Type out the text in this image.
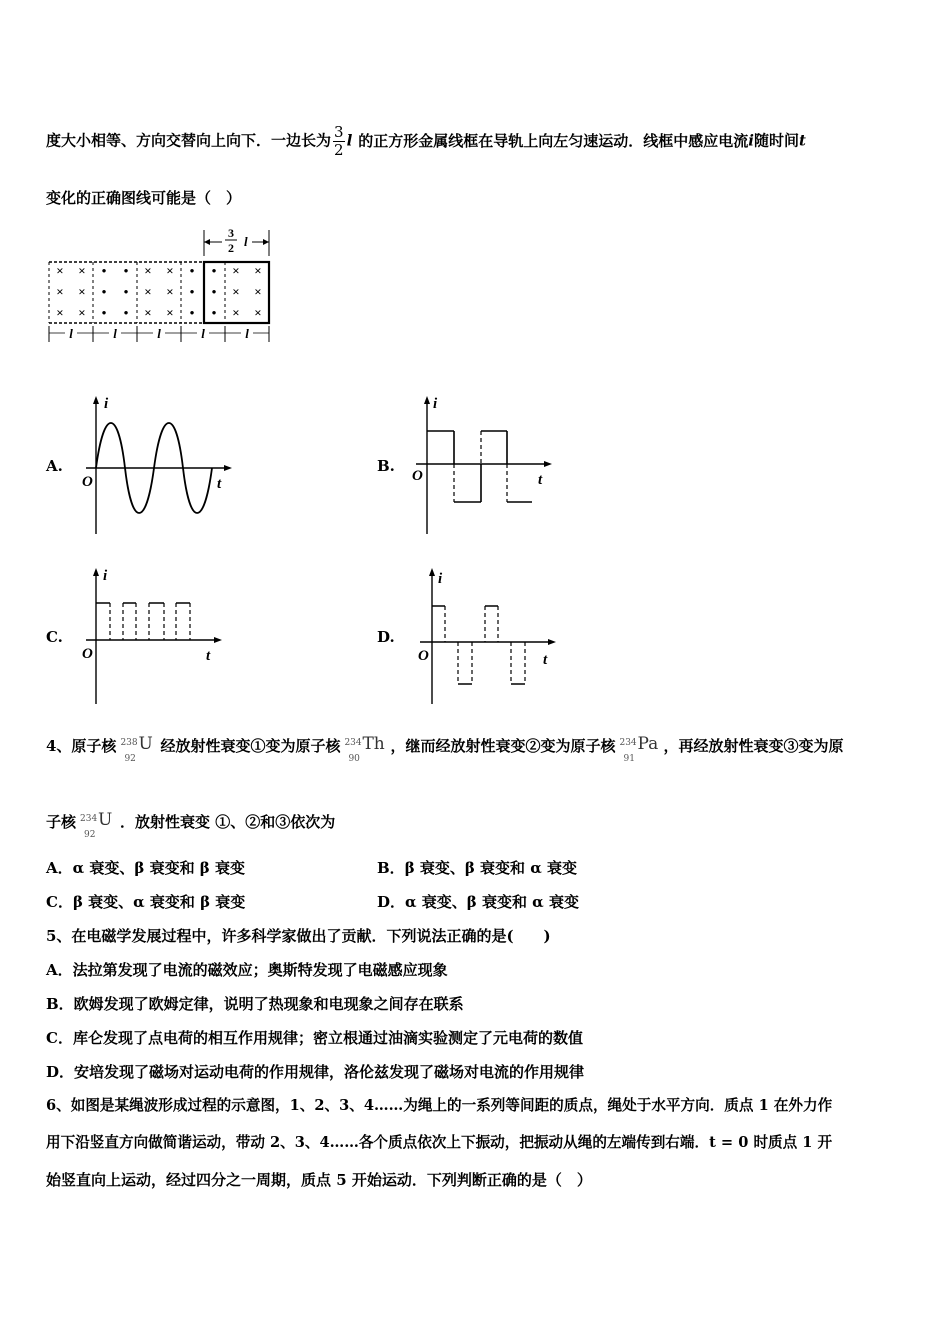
度大小相等、方向交替向上向下．一边长为 $\frac{3}{2}$ l 的正方形金属线框在导轨上向左匀速运动．线框中感应电流i随时间t
变化的正确图线可能是（　）
3
2 l
× ×
× ×
× ×
• •
• •
• •
× ×
× ×
× ×
• •
• •
• •
× ×
× ×
× ×
l	l	l	l	l
A.
i
O	t
B.
i
O	t
C.
i
O	t
D.
i
O	t
4、原子核 238
92
U 经放射性衰变①变为原子核 234
90
Th ，继而经放射性衰变②变为原子核 234
91
Pa ，再经放射性衰变③变为原
子核 234
92
U ．放射性衰变 ①、②和③依次为
A．α 衰变、β 衰变和 β 衰变	B．β 衰变、β 衰变和 α 衰变
C．β 衰变、α 衰变和 β 衰变	D．α 衰变、β 衰变和 α 衰变
5、在电磁学发展过程中，许多科学家做出了贡献．下列说法正确的是(　　)
A．法拉第发现了电流的磁效应；奥斯特发现了电磁感应现象
B．欧姆发现了欧姆定律，说明了热现象和电现象之间存在联系
C．库仑发现了点电荷的相互作用规律；密立根通过油滴实验测定了元电荷的数值
D．安培发现了磁场对运动电荷的作用规律，洛伦兹发现了磁场对电流的作用规律
6、如图是某绳波形成过程的示意图，1、2、3、4……为绳上的一系列等间距的质点，绳处于水平方向．质点 1 在外力作
用下沿竖直方向做简谐运动，带动 2、3、4……各个质点依次上下振动，把振动从绳的左端传到右端．t = 0 时质点 1 开
始竖直向上运动，经过四分之一周期，质点 5 开始运动．下列判断正确的是（　）
